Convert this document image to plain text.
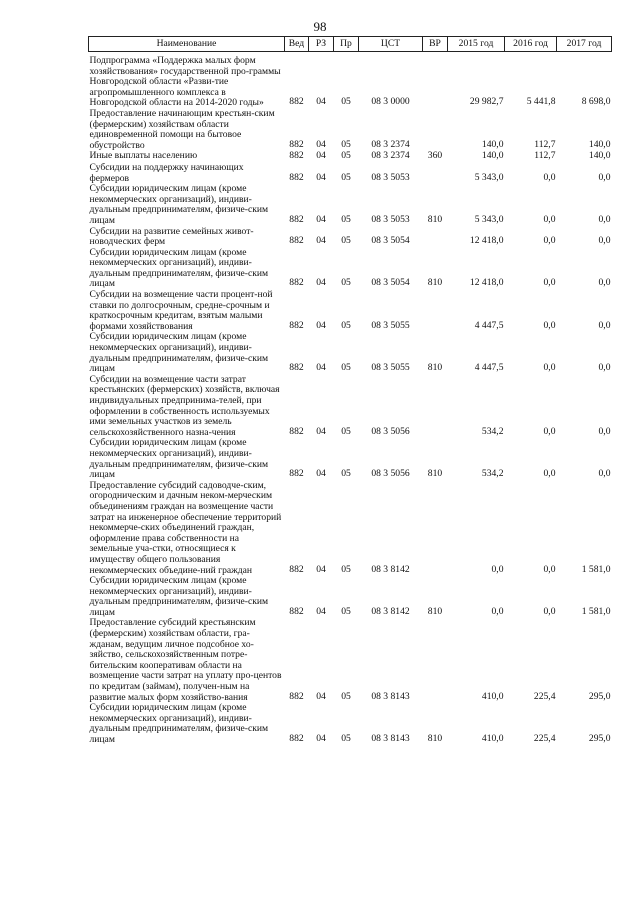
98
Наименование	Вед	РЗ	Пр	ЦСТ	ВР	2015 год	2016 год	2017 год
Подпрограмма «Поддержка малых форм хозяйствования» государственной про-граммы Новгородской области «Разви-тие агропромышленного комплекса в Новгородской области на 2014-2020 годы»	882	04	05	08 3 0000		29 982,7	5 441,8	8 698,0
Предоставление начинающим крестьян-ским (фермерским) хозяйствам области единовременной помощи на бытовое обустройство	882	04	05	08 3 2374		140,0	112,7	140,0
Иные выплаты населению	882	04	05	08 3 2374	360	140,0	112,7	140,0
Субсидии на поддержку начинающих фермеров	882	04	05	08 3 5053		5 343,0	0,0	0,0
Субсидии юридическим лицам (кроме некоммерческих организаций), индиви-дуальным предпринимателям, физиче-ским лицам	882	04	05	08 3 5053	810	5 343,0	0,0	0,0
Субсидии на развитие семейных живот-новодческих ферм	882	04	05	08 3 5054		12 418,0	0,0	0,0
Субсидии юридическим лицам (кроме некоммерческих организаций), индиви-дуальным предпринимателям, физиче-ским лицам	882	04	05	08 3 5054	810	12 418,0	0,0	0,0
Субсидии на возмещение части процент-ной ставки по долгосрочным, средне-срочным и краткосрочным кредитам, взятым малыми формами хозяйствования	882	04	05	08 3 5055		4 447,5	0,0	0,0
Субсидии юридическим лицам (кроме некоммерческих организаций), индиви-дуальным предпринимателям, физиче-ским лицам	882	04	05	08 3 5055	810	4 447,5	0,0	0,0
Субсидии на возмещение части затрат крестьянских (фермерских) хозяйств, включая индивидуальных предпринима-телей, при оформлении в собственность используемых ими земельных участков из земель сельскохозяйственного назна-чения	882	04	05	08 3 5056		534,2	0,0	0,0
Субсидии юридическим лицам (кроме некоммерческих организаций), индиви-дуальным предпринимателям, физиче-ским лицам	882	04	05	08 3 5056	810	534,2	0,0	0,0
Предоставление субсидий садоводче-ским, огородническим и дачным неком-мерческим объединениям граждан на возмещение части затрат на инженерное обеспечение территорий некоммерче-ских объединений граждан, оформление права собственности на земельные уча-стки, относящиеся к имуществу общего пользования некоммерческих объедине-ний граждан	882	04	05	08 3 8142		0,0	0,0	1 581,0
Субсидии юридическим лицам (кроме некоммерческих организаций), индиви-дуальным предпринимателям, физиче-ским лицам	882	04	05	08 3 8142	810	0,0	0,0	1 581,0
Предоставление субсидий крестьянским (фермерским) хозяйствам области, гра-жданам, ведущим личное подсобное хо-зяйство, сельскохозяйственным потре-бительским кооперативам области на возмещение части затрат на уплату про-центов по кредитам (займам), получен-ным на развитие малых форм хозяйство-вания	882	04	05	08 3 8143		410,0	225,4	295,0
Субсидии юридическим лицам (кроме некоммерческих организаций), индиви-дуальным предпринимателям, физиче-ским лицам	882	04	05	08 3 8143	810	410,0	225,4	295,0
